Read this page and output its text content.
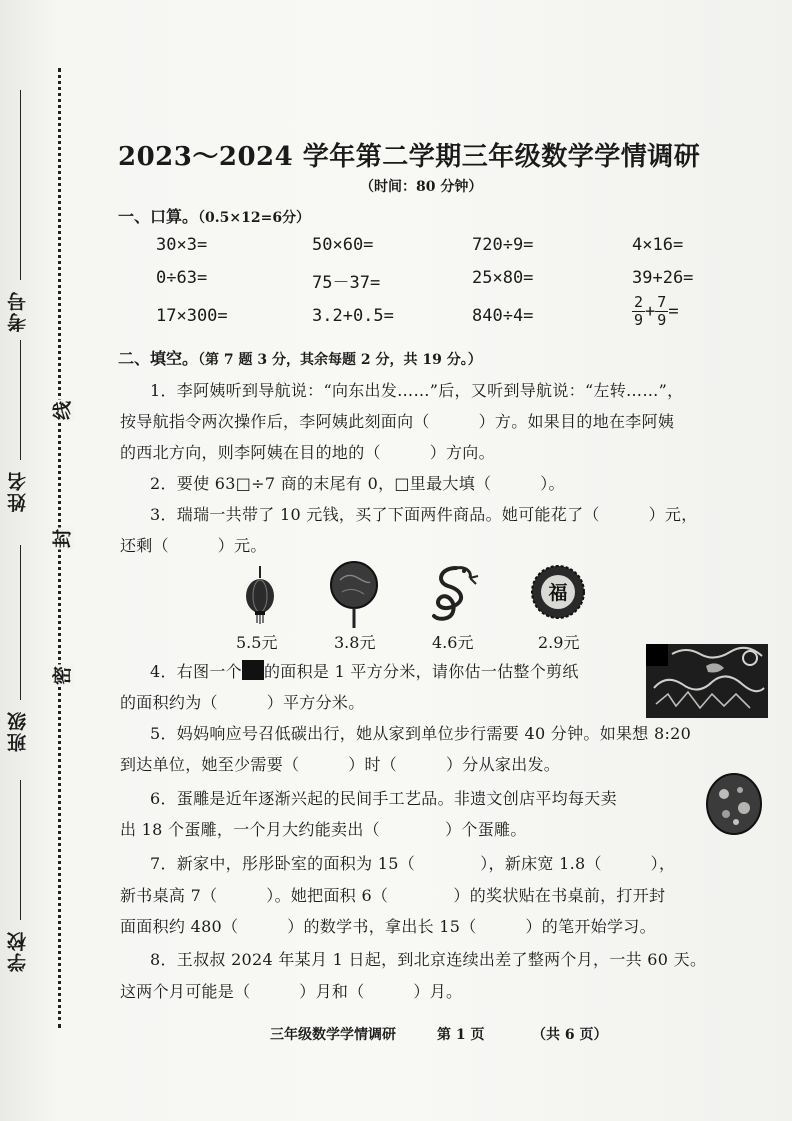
考号
姓名
班级
学校
线
封
密
2023～2024 学年第二学期三年级数学学情调研
（时间：80 分钟）
一、口算。（0.5×12=6分）
30×3=	50×60=	720÷9=	4×16=
0÷63=	75－37=	25×80=	39+26=
17×300=	3.2+0.5=	840÷4=	$\frac{2}{9} + \frac{7}{9}$ =
二、填空。（第 7 题 3 分，其余每题 2 分，共 19 分。）
1．李阿姨听到导航说：“向东出发……”后，又听到导航说：“左转……”，
按导航指令两次操作后，李阿姨此刻面向（　　　）方。如果目的地在李阿姨
的西北方向，则李阿姨在目的地的（　　　）方向。
2．要使 63□÷7 商的末尾有 0，□里最大填（　　　）。
3．瑞瑞一共带了 10 元钱，买了下面两件商品。她可能花了（　　　）元，
还剩（　　　）元。
福
5.5元	3.8元	4.6元	2.9元
4．右图一个 的面积是 1 平方分米，请你估一估整个剪纸
的面积约为（　　　）平方分米。
5．妈妈响应号召低碳出行，她从家到单位步行需要 40 分钟。如果想 8:20
到达单位，她至少需要（　　　）时（　　　）分从家出发。
6．蛋雕是近年逐渐兴起的民间手工艺品。非遗文创店平均每天卖
出 18 个蛋雕，一个月大约能卖出（　　　　）个蛋雕。
7．新家中，彤彤卧室的面积为 15（　　　　），新床宽 1.8（　　　），
新书桌高 7（　　　）。她把面积 6（　　　　）的奖状贴在书桌前，打开封
面面积约 480（　　　）的数学书，拿出长 15（　　　）的笔开始学习。
8．王叔叔 2024 年某月 1 日起，到北京连续出差了整两个月，一共 60 天。
这两个月可能是（　　　）月和（　　　）月。
三年级数学学情调研	第 1 页	（共 6 页）
